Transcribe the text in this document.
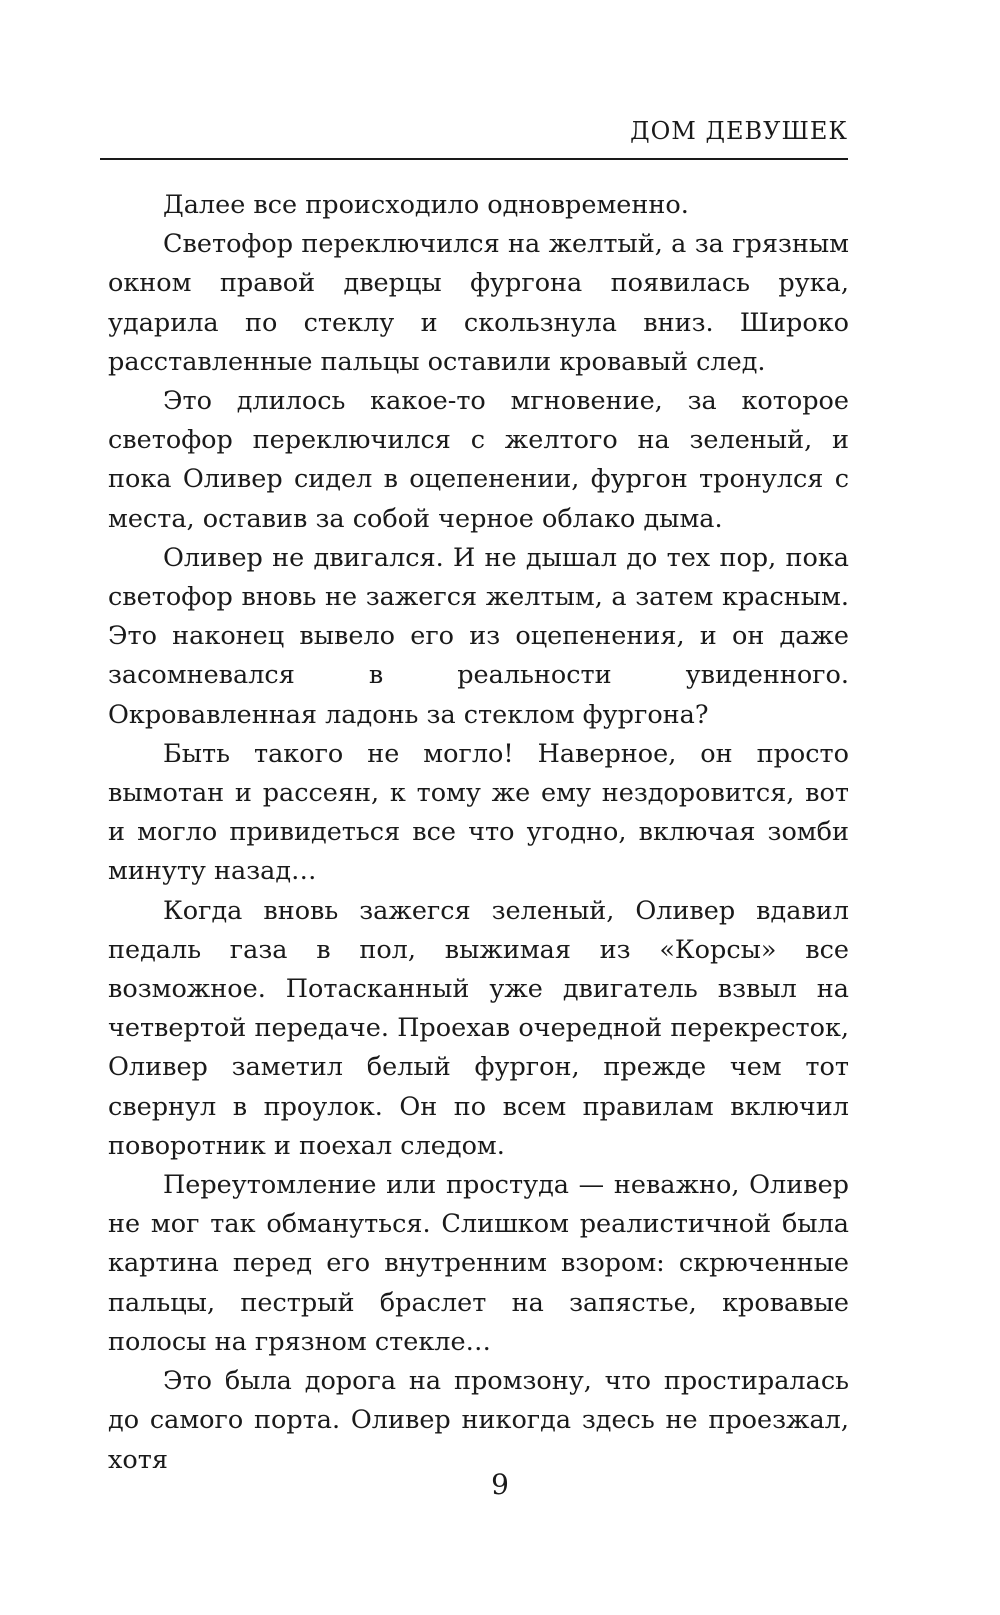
ДОМ ДЕВУШЕК

Далее все происходило одновременно.

Светофор переключился на желтый, а за грязным окном правой дверцы фургона появилась рука, ударила по стеклу и скользнула вниз. Широко расставленные пальцы оставили кровавый след.

Это длилось какое-то мгновение, за которое светофор переключился с желтого на зеленый, и пока Оливер сидел в оцепенении, фургон тронулся с места, оставив за собой черное облако дыма.

Оливер не двигался. И не дышал до тех пор, пока светофор вновь не зажегся желтым, а затем красным. Это наконец вывело его из оцепенения, и он даже засомневался в реальности увиденного. Окровавленная ладонь за стеклом фургона?

Быть такого не могло! Наверное, он просто вымотан и рассеян, к тому же ему нездоровится, вот и могло привидеться все что угодно, включая зомби минуту назад…

Когда вновь зажегся зеленый, Оливер вдавил педаль газа в пол, выжимая из «Корсы» все возможное. Потасканный уже двигатель взвыл на четвертой передаче. Проехав очередной перекресток, Оливер заметил белый фургон, прежде чем тот свернул в проулок. Он по всем правилам включил поворотник и поехал следом.

Переутомление или простуда — неважно, Оливер не мог так обмануться. Слишком реалистичной была картина перед его внутренним взором: скрюченные пальцы, пестрый браслет на запястье, кровавые полосы на грязном стекле…

Это была дорога на промзону, что простиралась до самого порта. Оливер никогда здесь не проезжал, хотя

9
